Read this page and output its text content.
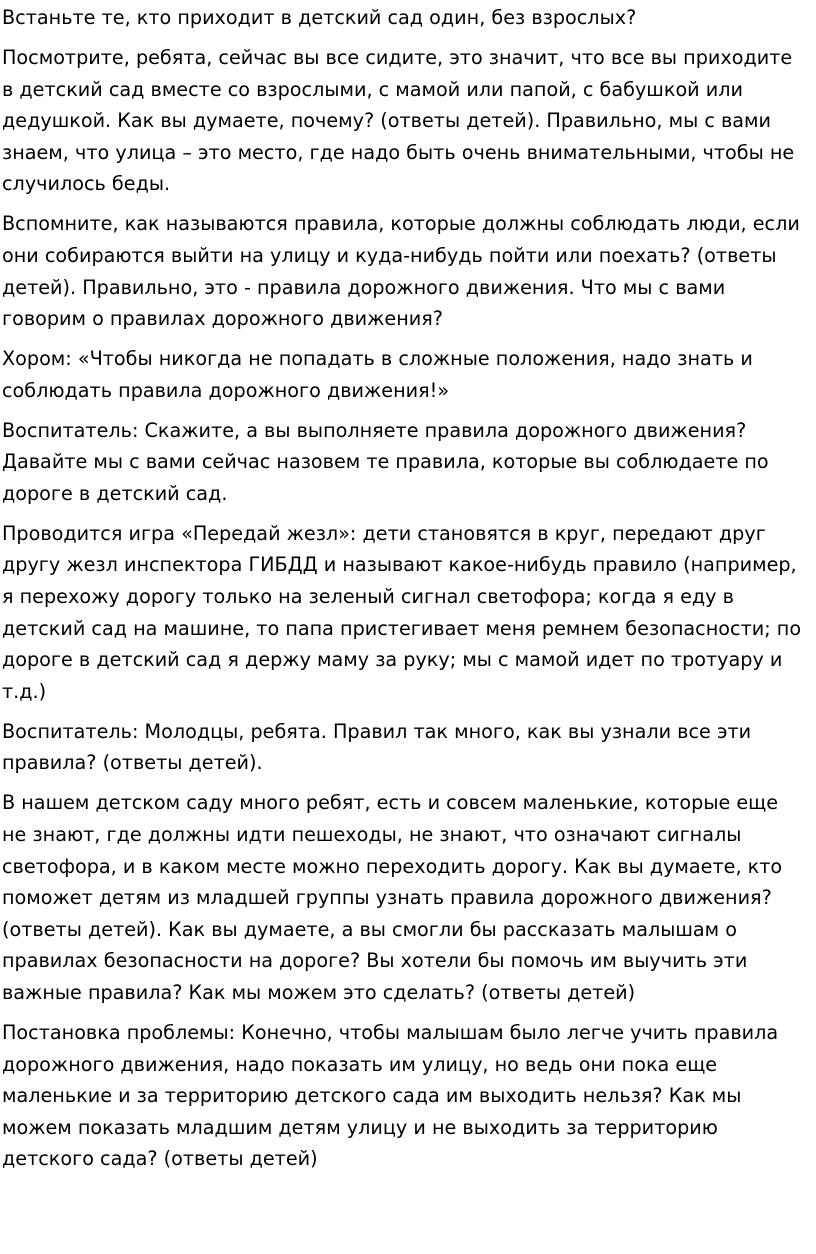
Встаньте те, кто приходит в детский сад один, без взрослых?

Посмотрите, ребята, сейчас вы все сидите, это значит, что все вы приходите в детский сад вместе со взрослыми, с мамой или папой, с бабушкой или дедушкой. Как вы думаете, почему? (ответы детей). Правильно, мы с вами знаем, что улица – это место, где надо быть очень внимательными, чтобы не случилось беды.

Вспомните, как называются правила, которые должны соблюдать люди, если они собираются выйти на улицу и куда-нибудь пойти или поехать? (ответы детей). Правильно, это - правила дорожного движения. Что мы с вами говорим о правилах дорожного движения?

Хором: «Чтобы никогда не попадать в сложные положения, надо знать и соблюдать правила дорожного движения!»

Воспитатель: Скажите, а вы выполняете правила дорожного движения? Давайте мы с вами сейчас назовем те правила, которые вы соблюдаете по дороге в детский сад.

Проводится игра «Передай жезл»: дети становятся в круг, передают друг другу жезл инспектора ГИБДД и называют какое-нибудь правило (например, я перехожу дорогу только на зеленый сигнал светофора; когда я еду в детский сад на машине, то папа пристегивает меня ремнем безопасности; по дороге в детский сад я держу маму за руку; мы с мамой идет по тротуару и т.д.)

Воспитатель: Молодцы, ребята. Правил так много, как вы узнали все эти правила? (ответы детей).

В нашем детском саду много ребят, есть и совсем маленькие, которые еще не знают, где должны идти пешеходы, не знают, что означают сигналы светофора, и в каком месте можно переходить дорогу. Как вы думаете, кто поможет детям из младшей группы узнать правила дорожного движения? (ответы детей). Как вы думаете, а вы смогли бы рассказать малышам о правилах безопасности на дороге? Вы хотели бы помочь им выучить эти важные правила? Как мы можем это сделать? (ответы детей)

Постановка проблемы: Конечно, чтобы малышам было легче учить правила дорожного движения, надо показать им улицу, но ведь они пока еще маленькие и за территорию детского сада им выходить нельзя? Как мы можем показать младшим детям улицу и не выходить за территорию детского сада? (ответы детей)
